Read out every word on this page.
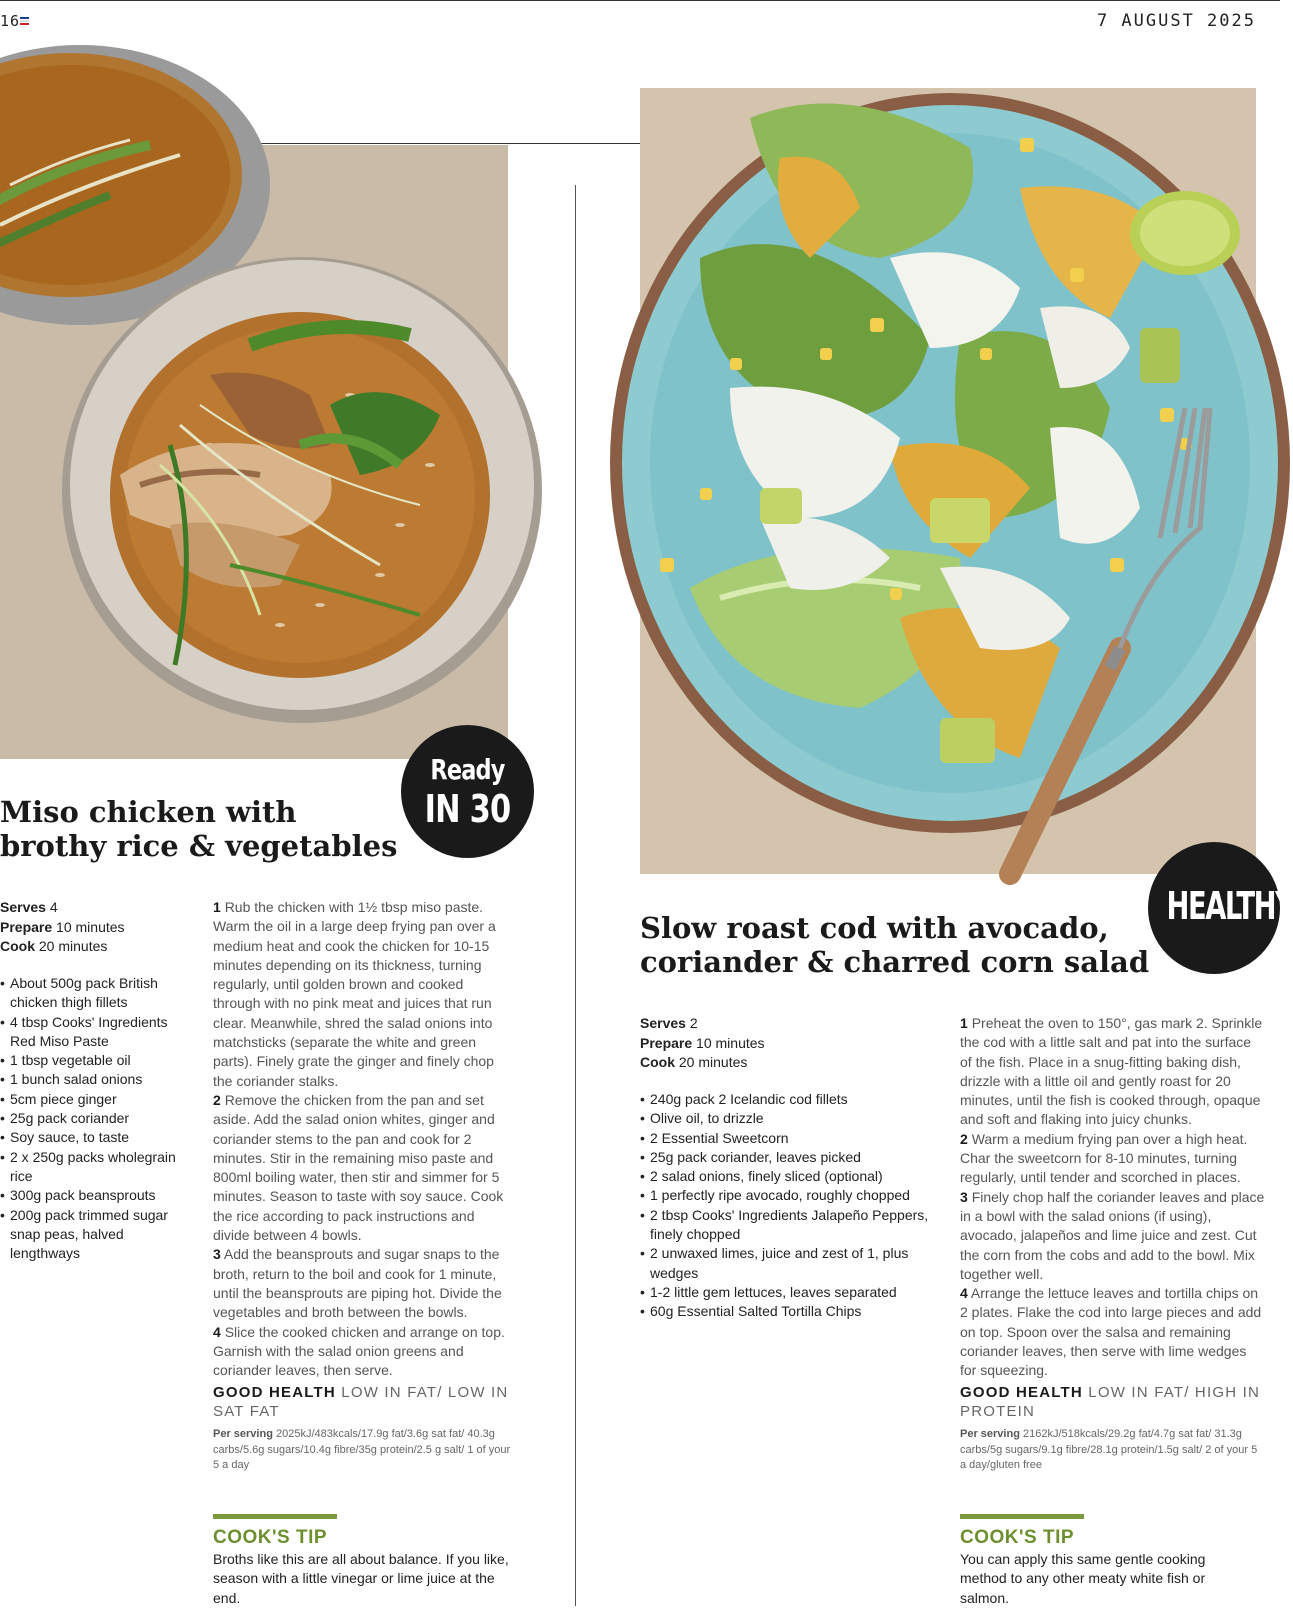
16	7 AUGUST 2025
Ready
IN 30
HEALTHY
Miso chicken with brothy rice & vegetables
Serves 4
Prepare 10 minutes
Cook 20 minutes
• About 500g pack British chicken thigh fillets
• 4 tbsp Cooks' Ingredients Red Miso Paste
• 1 tbsp vegetable oil
• 1 bunch salad onions
• 5cm piece ginger
• 25g pack coriander
• Soy sauce, to taste
• 2 x 250g packs wholegrain rice
• 300g pack beansprouts
• 200g pack trimmed sugar snap peas, halved lengthways
1 Rub the chicken with 1½ tbsp miso paste. Warm the oil in a large deep frying pan over a medium heat and cook the chicken for 10-15 minutes depending on its thickness, turning regularly, until golden brown and cooked through with no pink meat and juices that run clear. Meanwhile, shred the salad onions into matchsticks (separate the white and green parts). Finely grate the ginger and finely chop the coriander stalks.
2 Remove the chicken from the pan and set aside. Add the salad onion whites, ginger and coriander stems to the pan and cook for 2 minutes. Stir in the remaining miso paste and 800ml boiling water, then stir and simmer for 5 minutes. Season to taste with soy sauce. Cook the rice according to pack instructions and divide between 4 bowls.
3 Add the beansprouts and sugar snaps to the broth, return to the boil and cook for 1 minute, until the beansprouts are piping hot. Divide the vegetables and broth between the bowls.
4 Slice the cooked chicken and arrange on top. Garnish with the salad onion greens and coriander leaves, then serve.
GOOD HEALTH LOW IN FAT/ LOW IN SAT FAT
Per serving 2025kJ/483kcals/17.9g fat/3.6g sat fat/ 40.3g carbs/5.6g sugars/10.4g fibre/35g protein/2.5 g salt/ 1 of your 5 a day
COOK'S TIP
Broths like this are all about balance. If you like, season with a little vinegar or lime juice at the end.
Slow roast cod with avocado, coriander & charred corn salad
Serves 2
Prepare 10 minutes
Cook 20 minutes
• 240g pack 2 Icelandic cod fillets
• Olive oil, to drizzle
• 2 Essential Sweetcorn
• 25g pack coriander, leaves picked
• 2 salad onions, finely sliced (optional)
• 1 perfectly ripe avocado, roughly chopped
• 2 tbsp Cooks' Ingredients Jalapeño Peppers, finely chopped
• 2 unwaxed limes, juice and zest of 1, plus wedges
• 1-2 little gem lettuces, leaves separated
• 60g Essential Salted Tortilla Chips
1 Preheat the oven to 150°, gas mark 2. Sprinkle the cod with a little salt and pat into the surface of the fish. Place in a snug-fitting baking dish, drizzle with a little oil and gently roast for 20 minutes, until the fish is cooked through, opaque and soft and flaking into juicy chunks.
2 Warm a medium frying pan over a high heat. Char the sweetcorn for 8-10 minutes, turning regularly, until tender and scorched in places.
3 Finely chop half the coriander leaves and place in a bowl with the salad onions (if using), avocado, jalapeños and lime juice and zest. Cut the corn from the cobs and add to the bowl. Mix together well.
4 Arrange the lettuce leaves and tortilla chips on 2 plates. Flake the cod into large pieces and add on top. Spoon over the salsa and remaining coriander leaves, then serve with lime wedges for squeezing.
GOOD HEALTH LOW IN FAT/ HIGH IN PROTEIN
Per serving 2162kJ/518kcals/29.2g fat/4.7g sat fat/ 31.3g carbs/5g sugars/9.1g fibre/28.1g protein/1.5g salt/ 2 of your 5 a day/gluten free
COOK'S TIP
You can apply this same gentle cooking method to any other meaty white fish or salmon.
